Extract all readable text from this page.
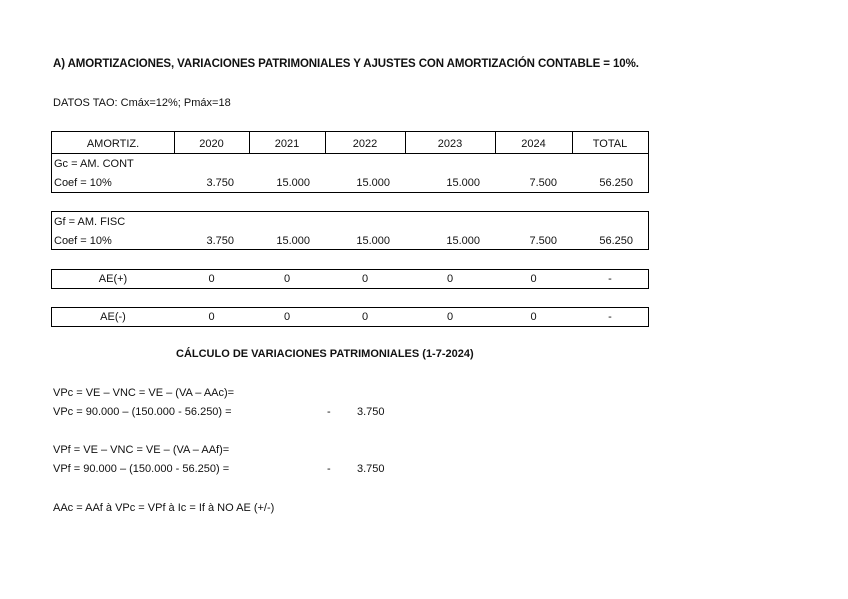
A) AMORTIZACIONES, VARIACIONES PATRIMONIALES Y AJUSTES CON AMORTIZACIÓN CONTABLE = 10%.
DATOS TAO: Cmáx=12%; Pmáx=18
AMORTIZ.	2020	2021	2022	2023	2024	TOTAL
Gc = AM. CONT
Coef = 10%	3.750	15.000	15.000	15.000	7.500	56.250
Gf = AM. FISC
Coef = 10%	3.750	15.000	15.000	15.000	7.500	56.250
AE(+)	0	0	0	0	0	-
AE(-)	0	0	0	0	0	-
CÁLCULO DE VARIACIONES PATRIMONIALES (1-7-2024)
VPc = VE – VNC = VE – (VA – AAc)=
VPc = 90.000 – (150.000 - 56.250) =	- 3.750
VPf = VE – VNC = VE – (VA – AAf)=
VPf = 90.000 – (150.000 - 56.250) =	- 3.750
AAc = AAf à VPc = VPf à Ic = If à NO AE (+/-)
